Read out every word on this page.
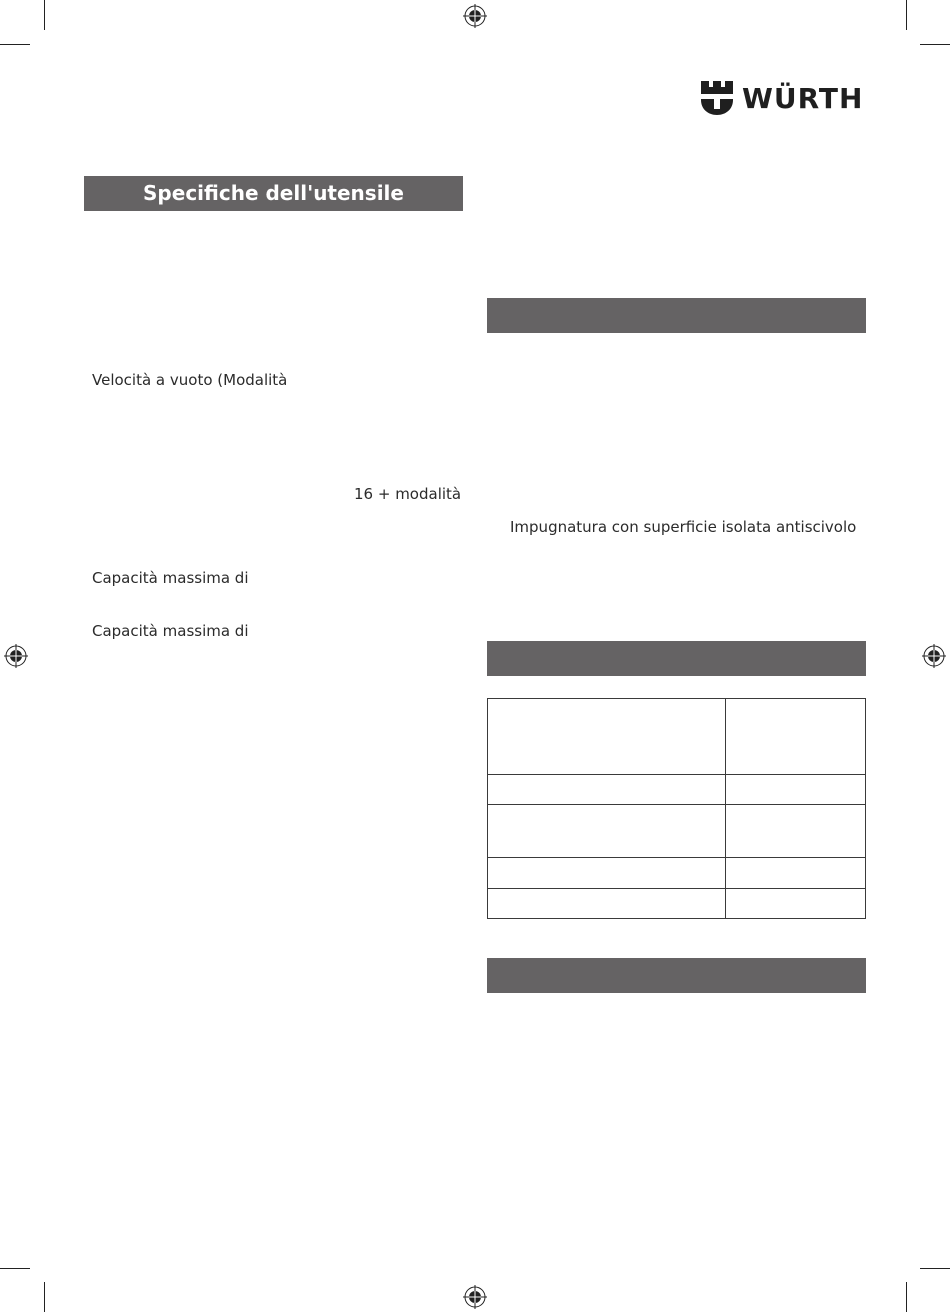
WÜRTH
Specifiche dell'utensile
Velocità a vuoto (Modalità
16 + modalità
Capacità massima di
Capacità massima di
Impugnatura con superficie isolata antiscivolo
